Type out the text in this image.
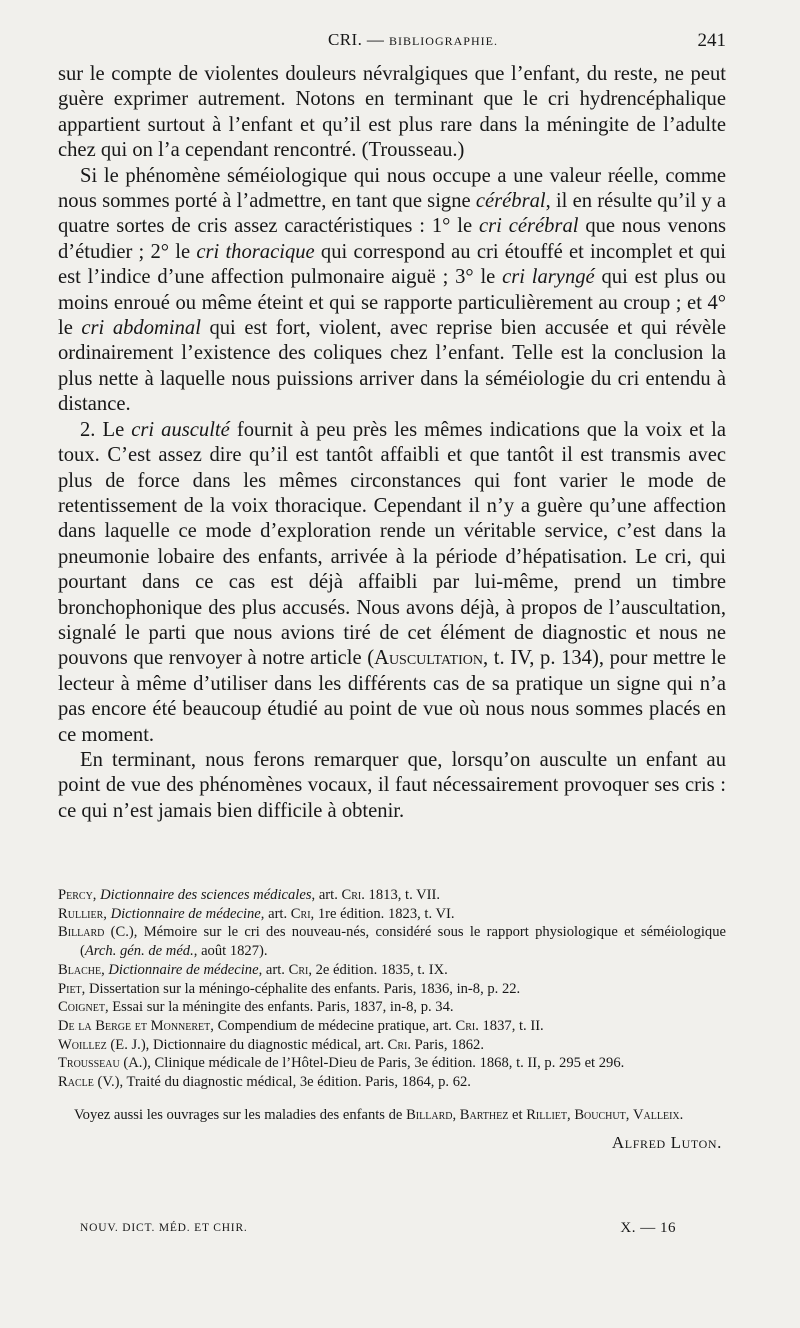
CRI. — BIBLIOGRAPHIE.	241

sur le compte de violentes douleurs névralgiques que l’enfant, du reste, ne peut guère exprimer autrement. Notons en terminant que le cri hydrencéphalique appartient surtout à l’enfant et qu’il est plus rare dans la méningite de l’adulte chez qui on l’a cependant rencontré. (Trousseau.)

Si le phénomène séméiologique qui nous occupe a une valeur réelle, comme nous sommes porté à l’admettre, en tant que signe cérébral, il en résulte qu’il y a quatre sortes de cris assez caractéristiques : 1° le cri cérébral que nous venons d’étudier ; 2° le cri thoracique qui correspond au cri étouffé et incomplet et qui est l’indice d’une affection pulmonaire aiguë ; 3° le cri laryngé qui est plus ou moins enroué ou même éteint et qui se rapporte particulièrement au croup ; et 4° le cri abdominal qui est fort, violent, avec reprise bien accusée et qui révèle ordinairement l’existence des coliques chez l’enfant. Telle est la conclusion la plus nette à laquelle nous puissions arriver dans la séméiologie du cri entendu à distance.

2. Le cri ausculté fournit à peu près les mêmes indications que la voix et la toux. C’est assez dire qu’il est tantôt affaibli et que tantôt il est transmis avec plus de force dans les mêmes circonstances qui font varier le mode de retentissement de la voix thoracique. Cependant il n’y a guère qu’une affection dans laquelle ce mode d’exploration rende un véritable service, c’est dans la pneumonie lobaire des enfants, arrivée à la période d’hépatisation. Le cri, qui pourtant dans ce cas est déjà affaibli par lui-même, prend un timbre bronchophonique des plus accusés. Nous avons déjà, à propos de l’auscultation, signalé le parti que nous avions tiré de cet élément de diagnostic et nous ne pouvons que renvoyer à notre article (Auscultation, t. IV, p. 134), pour mettre le lecteur à même d’utiliser dans les différents cas de sa pratique un signe qui n’a pas encore été beaucoup étudié au point de vue où nous nous sommes placés en ce moment.

En terminant, nous ferons remarquer que, lorsqu’on ausculte un enfant au point de vue des phénomènes vocaux, il faut nécessairement provoquer ses cris : ce qui n’est jamais bien difficile à obtenir.

Percy, Dictionnaire des sciences médicales, art. Cri. 1813, t. VII.
Rullier, Dictionnaire de médecine, art. Cri, 1re édition. 1823, t. VI.
Billard (C.), Mémoire sur le cri des nouveau-nés, considéré sous le rapport physiologique et séméiologique (Arch. gén. de méd., août 1827).
Blache, Dictionnaire de médecine, art. Cri, 2e édition. 1835, t. IX.
Piet, Dissertation sur la méningo-céphalite des enfants. Paris, 1836, in-8, p. 22.
Coignet, Essai sur la méningite des enfants. Paris, 1837, in-8, p. 34.
De la Berge et Monneret, Compendium de médecine pratique, art. Cri. 1837, t. II.
Woillez (E. J.), Dictionnaire du diagnostic médical, art. Cri. Paris, 1862.
Trousseau (A.), Clinique médicale de l’Hôtel-Dieu de Paris, 3e édition. 1868, t. II, p. 295 et 296.
Racle (V.), Traité du diagnostic médical, 3e édition. Paris, 1864, p. 62.
Voyez aussi les ouvrages sur les maladies des enfants de Billard, Barthez et Rilliet, Bouchut, Valleix.
Alfred Luton.
NOUV. DICT. MÉD. ET CHIR.	X. — 16
